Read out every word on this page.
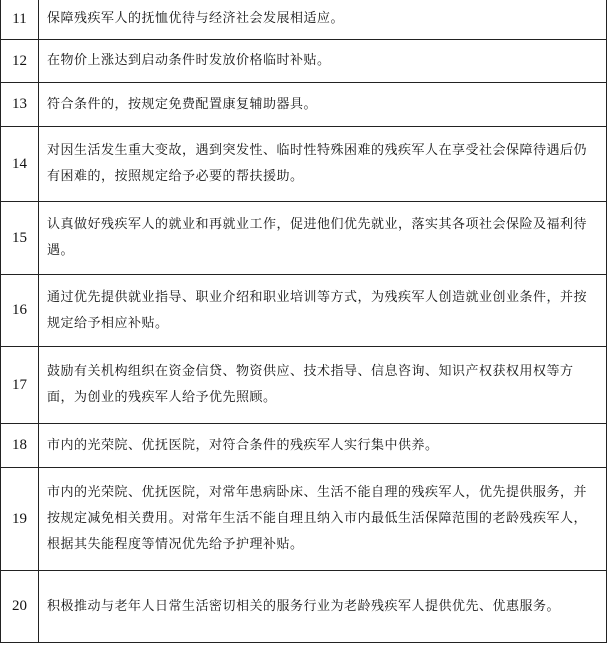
11	保障残疾军人的抚恤优待与经济社会发展相适应。
12	在物价上涨达到启动条件时发放价格临时补贴。
13	符合条件的，按规定免费配置康复辅助器具。
14	对因生活发生重大变故，遇到突发性、临时性特殊困难的残疾军人在享受社会保障待遇后仍有困难的，按照规定给予必要的帮扶援助。
15	认真做好残疾军人的就业和再就业工作，促进他们优先就业，落实其各项社会保险及福利待遇。
16	通过优先提供就业指导、职业介绍和职业培训等方式，为残疾军人创造就业创业条件，并按规定给予相应补贴。
17	鼓励有关机构组织在资金信贷、物资供应、技术指导、信息咨询、知识产权获权用权等方面，为创业的残疾军人给予优先照顾。
18	市内的光荣院、优抚医院，对符合条件的残疾军人实行集中供养。
19	市内的光荣院、优抚医院，对常年患病卧床、生活不能自理的残疾军人，优先提供服务，并按规定减免相关费用。对常年生活不能自理且纳入市内最低生活保障范围的老龄残疾军人，根据其失能程度等情况优先给予护理补贴。
20	积极推动与老年人日常生活密切相关的服务行业为老龄残疾军人提供优先、优惠服务。
